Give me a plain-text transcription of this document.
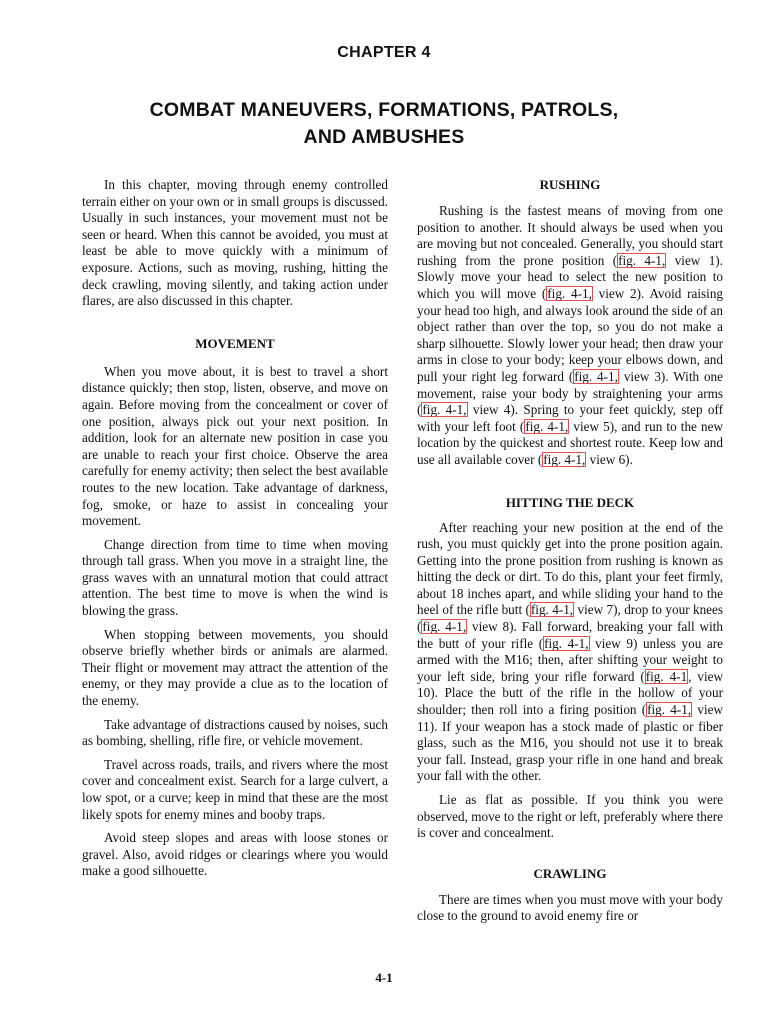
CHAPTER 4
COMBAT MANEUVERS, FORMATIONS, PATROLS,
AND AMBUSHES

In this chapter, moving through enemy controlled terrain either on your own or in small groups is discussed. Usually in such instances, your movement must not be seen or heard. When this cannot be avoided, you must at least be able to move quickly with a minimum of exposure. Actions, such as moving, rushing, hitting the deck crawling, moving silently, and taking action under flares, are also discussed in this chapter.

MOVEMENT

When you move about, it is best to travel a short distance quickly; then stop, listen, observe, and move on again. Before moving from the concealment or cover of one position, always pick out your next position. In addition, look for an alternate new position in case you are unable to reach your first choice. Observe the area carefully for enemy activity; then select the best available routes to the new location. Take advantage of darkness, fog, smoke, or haze to assist in concealing your movement.

Change direction from time to time when moving through tall grass. When you move in a straight line, the grass waves with an unnatural motion that could attract attention. The best time to move is when the wind is blowing the grass.

When stopping between movements, you should observe briefly whether birds or animals are alarmed. Their flight or movement may attract the attention of the enemy, or they may provide a clue as to the location of the enemy.

Take advantage of distractions caused by noises, such as bombing, shelling, rifle fire, or vehicle movement.

Travel across roads, trails, and rivers where the most cover and concealment exist. Search for a large culvert, a low spot, or a curve; keep in mind that these are the most likely spots for enemy mines and booby traps.

Avoid steep slopes and areas with loose stones or gravel. Also, avoid ridges or clearings where you would make a good silhouette.

RUSHING

Rushing is the fastest means of moving from one position to another. It should always be used when you are moving but not concealed. Generally, you should start rushing from the prone position (fig. 4-1, view 1). Slowly move your head to select the new position to which you will move (fig. 4-1, view 2). Avoid raising your head too high, and always look around the side of an object rather than over the top, so you do not make a sharp silhouette. Slowly lower your head; then draw your arms in close to your body; keep your elbows down, and pull your right leg forward (fig. 4-1, view 3). With one movement, raise your body by straightening your arms (fig. 4-1, view 4). Spring to your feet quickly, step off with your left foot (fig. 4-1, view 5), and run to the new location by the quickest and shortest route. Keep low and use all available cover (fig. 4-1, view 6).

HITTING THE DECK

After reaching your new position at the end of the rush, you must quickly get into the prone position again. Getting into the prone position from rushing is known as hitting the deck or dirt. To do this, plant your feet firmly, about 18 inches apart, and while sliding your hand to the heel of the rifle butt (fig. 4-1, view 7), drop to your knees (fig. 4-1, view 8). Fall forward, breaking your fall with the butt of your rifle (fig. 4-1, view 9) unless you are armed with the M16; then, after shifting your weight to your left side, bring your rifle forward (fig. 4-1, view 10). Place the butt of the rifle in the hollow of your shoulder; then roll into a firing position (fig. 4-1, view 11). If your weapon has a stock made of plastic or fiber glass, such as the M16, you should not use it to break your fall. Instead, grasp your rifle in one hand and break your fall with the other.

Lie as flat as possible. If you think you were observed, move to the right or left, preferably where there is cover and concealment.

CRAWLING

There are times when you must move with your body close to the ground to avoid enemy fire or

4-1
